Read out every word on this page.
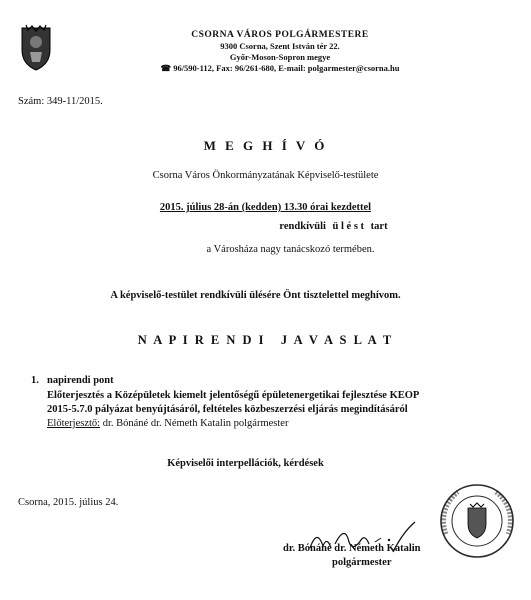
CSORNA VÁROS POLGÁRMESTERE
9300 Csorna, Szent István tér 22.
Győr-Moson-Sopron megye
☎ 96/590-112, Fax: 96/261-680, E-mail: polgarmester@csorna.hu
Szám: 349-11/2015.
M E G H Í V Ó
Csorna Város Önkormányzatának Képviselő-testülete
2015. július 28-án (kedden) 13.30 órai kezdettel
rendkívüli ü l é s t tart
a Városháza nagy tanácskozó termében.
A képviselő-testület rendkívüli ülésére Önt tisztelettel meghívom.
N A P I R E N D I   J A V A S L A T
1. napirendi pont
Előterjesztés a Középületek kiemelt jelentőségű épületenergetikai fejlesztése KEOP
2015-5.7.0 pályázat benyújtásáról, feltételes közbeszerzési eljárás megindításáról
Előterjesztő: dr. Bónáné dr. Németh Katalin polgármester
Képviselői interpellációk, kérdések
Csorna, 2015. július 24.
dr. Bónáné dr. Németh Katalin
polgármester
